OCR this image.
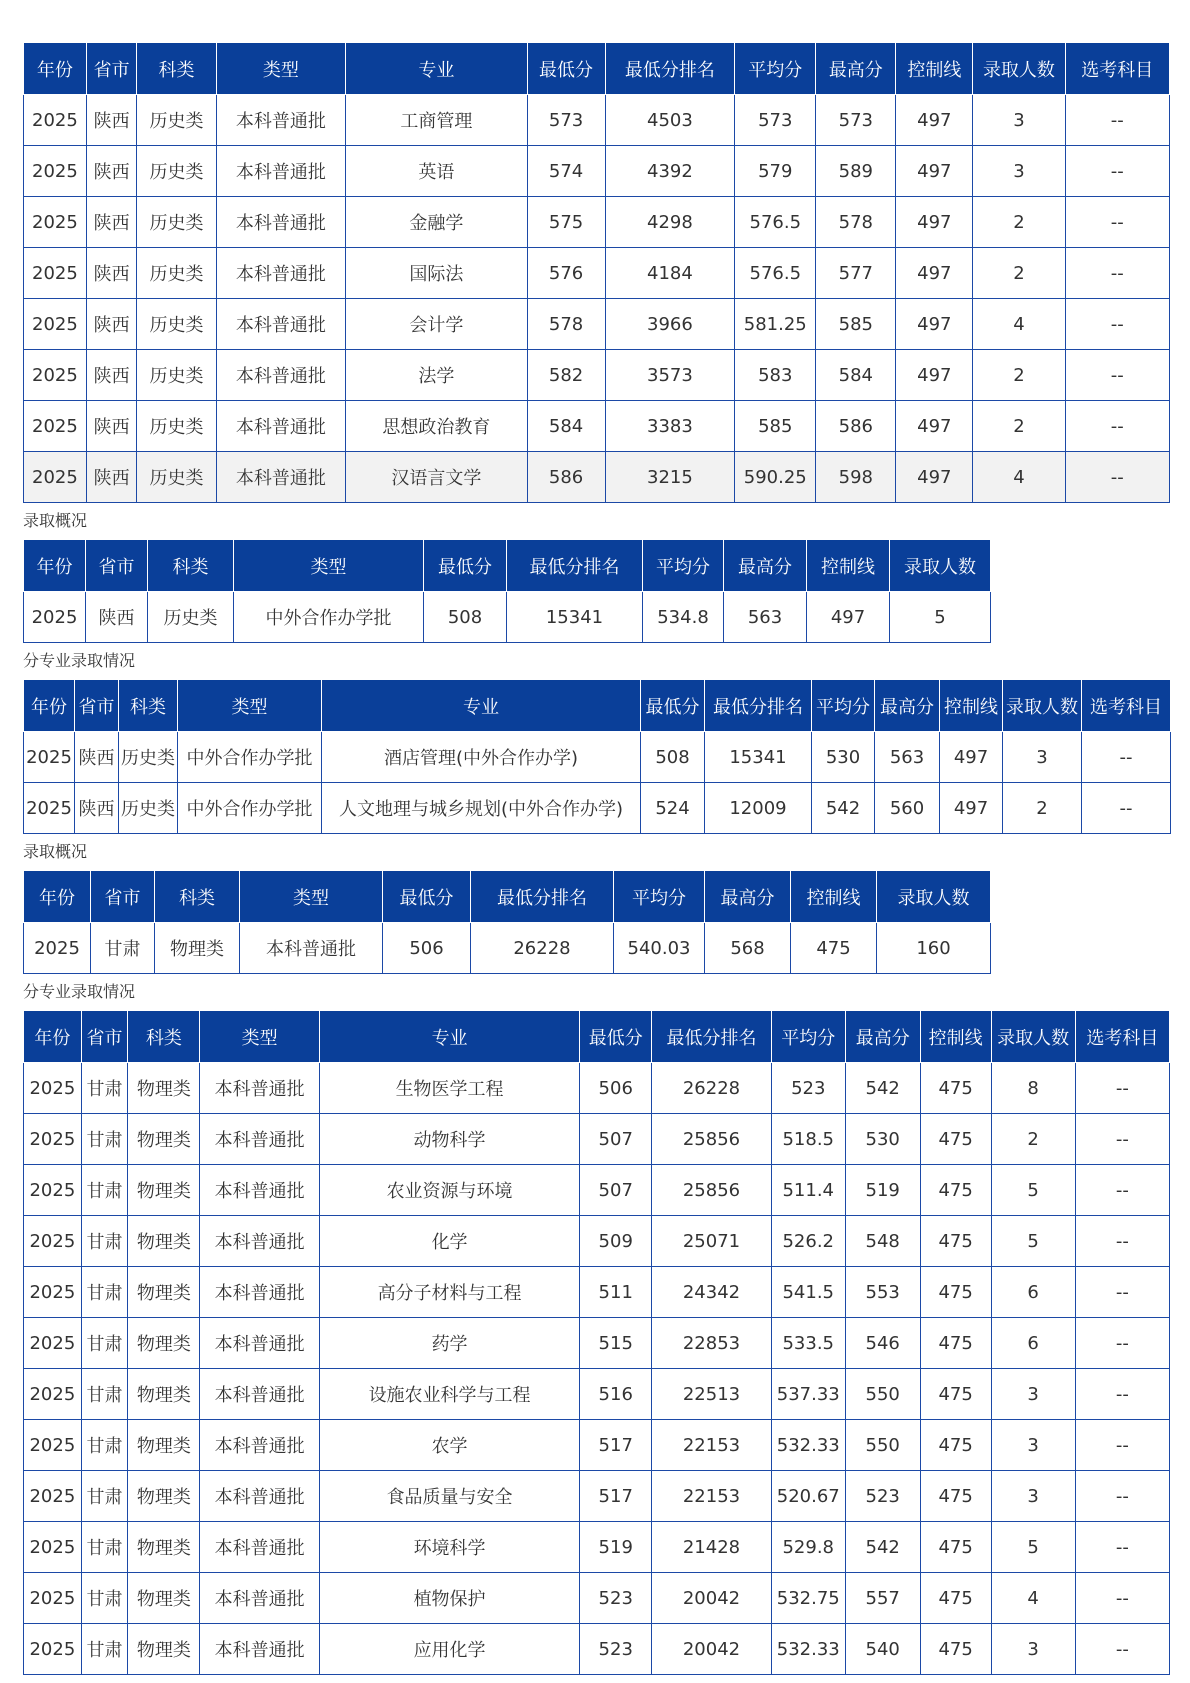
年份	省市	科类	类型	专业	最低分	最低分排名	平均分	最高分	控制线	录取人数	选考科目
2025	陕西	历史类	本科普通批	工商管理	573	4503	573	573	497	3	--
2025	陕西	历史类	本科普通批	英语	574	4392	579	589	497	3	--
2025	陕西	历史类	本科普通批	金融学	575	4298	576.5	578	497	2	--
2025	陕西	历史类	本科普通批	国际法	576	4184	576.5	577	497	2	--
2025	陕西	历史类	本科普通批	会计学	578	3966	581.25	585	497	4	--
2025	陕西	历史类	本科普通批	法学	582	3573	583	584	497	2	--
2025	陕西	历史类	本科普通批	思想政治教育	584	3383	585	586	497	2	--
2025	陕西	历史类	本科普通批	汉语言文学	586	3215	590.25	598	497	4	--
录取概况
年份	省市	科类	类型	最低分	最低分排名	平均分	最高分	控制线	录取人数
2025	陕西	历史类	中外合作办学批	508	15341	534.8	563	497	5
分专业录取情况
年份	省市	科类	类型	专业	最低分	最低分排名	平均分	最高分	控制线	录取人数	选考科目
2025	陕西	历史类	中外合作办学批	酒店管理(中外合作办学)	508	15341	530	563	497	3	--
2025	陕西	历史类	中外合作办学批	人文地理与城乡规划(中外合作办学)	524	12009	542	560	497	2	--
录取概况
年份	省市	科类	类型	最低分	最低分排名	平均分	最高分	控制线	录取人数
2025	甘肃	物理类	本科普通批	506	26228	540.03	568	475	160
分专业录取情况
年份	省市	科类	类型	专业	最低分	最低分排名	平均分	最高分	控制线	录取人数	选考科目
2025	甘肃	物理类	本科普通批	生物医学工程	506	26228	523	542	475	8	--
2025	甘肃	物理类	本科普通批	动物科学	507	25856	518.5	530	475	2	--
2025	甘肃	物理类	本科普通批	农业资源与环境	507	25856	511.4	519	475	5	--
2025	甘肃	物理类	本科普通批	化学	509	25071	526.2	548	475	5	--
2025	甘肃	物理类	本科普通批	高分子材料与工程	511	24342	541.5	553	475	6	--
2025	甘肃	物理类	本科普通批	药学	515	22853	533.5	546	475	6	--
2025	甘肃	物理类	本科普通批	设施农业科学与工程	516	22513	537.33	550	475	3	--
2025	甘肃	物理类	本科普通批	农学	517	22153	532.33	550	475	3	--
2025	甘肃	物理类	本科普通批	食品质量与安全	517	22153	520.67	523	475	3	--
2025	甘肃	物理类	本科普通批	环境科学	519	21428	529.8	542	475	5	--
2025	甘肃	物理类	本科普通批	植物保护	523	20042	532.75	557	475	4	--
2025	甘肃	物理类	本科普通批	应用化学	523	20042	532.33	540	475	3	--
